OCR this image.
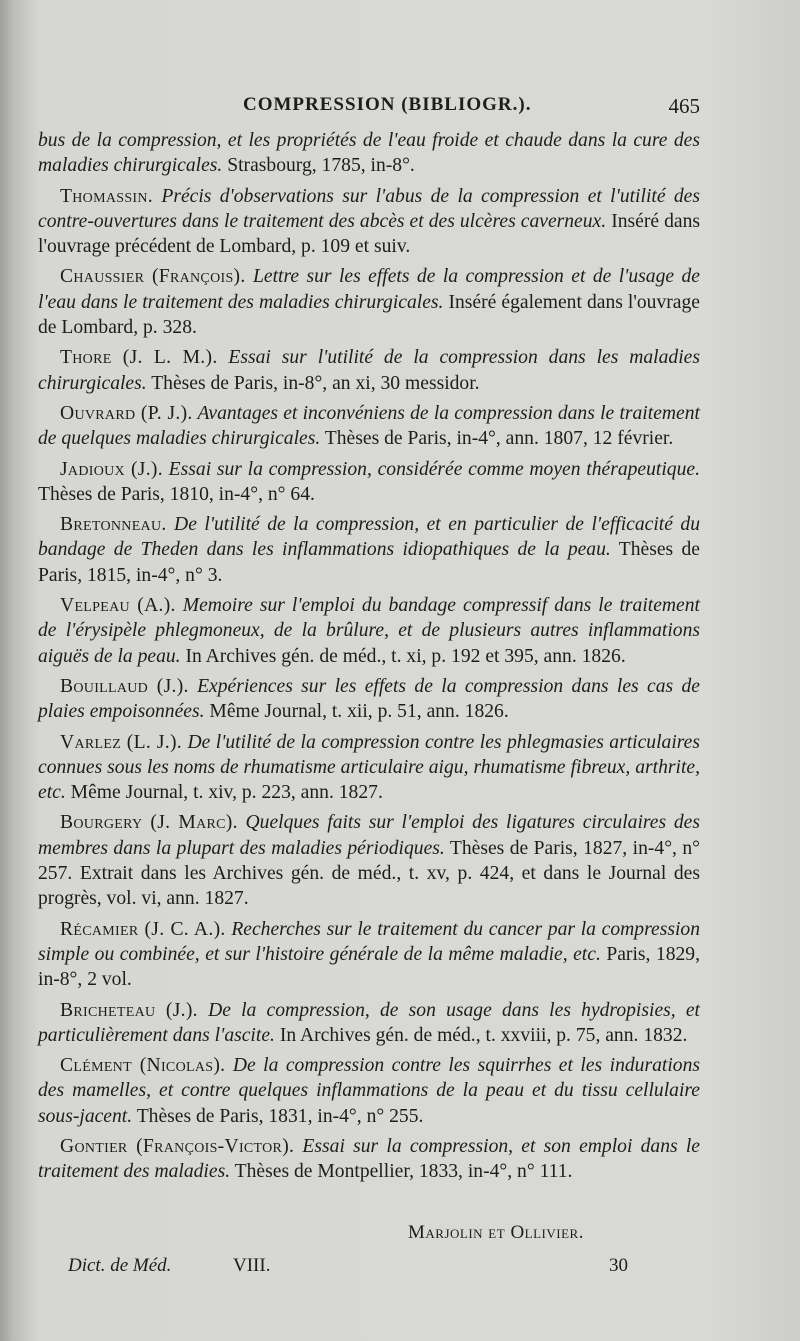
COMPRESSION (BIBLIOGR.).	465

bus de la compression, et les propriétés de l'eau froide et chaude dans la cure des maladies chirurgicales. Strasbourg, 1785, in-8°.

Thomassin. Précis d'observations sur l'abus de la compression et l'utilité des contre-ouvertures dans le traitement des abcès et des ulcères caverneux. Inséré dans l'ouvrage précédent de Lombard, p. 109 et suiv.

Chaussier (François). Lettre sur les effets de la compression et de l'usage de l'eau dans le traitement des maladies chirurgicales. Inséré également dans l'ouvrage de Lombard, p. 328.

Thore (J. L. M.). Essai sur l'utilité de la compression dans les maladies chirurgicales. Thèses de Paris, in-8°, an xi, 30 messidor.

Ouvrard (P. J.). Avantages et inconvéniens de la compression dans le traitement de quelques maladies chirurgicales. Thèses de Paris, in-4°, ann. 1807, 12 février.

Jadioux (J.). Essai sur la compression, considérée comme moyen thérapeutique. Thèses de Paris, 1810, in-4°, n° 64.

Bretonneau. De l'utilité de la compression, et en particulier de l'efficacité du bandage de Theden dans les inflammations idiopathiques de la peau. Thèses de Paris, 1815, in-4°, n° 3.

Velpeau (A.). Memoire sur l'emploi du bandage compressif dans le traitement de l'érysipèle phlegmoneux, de la brûlure, et de plusieurs autres inflammations aiguës de la peau. In Archives gén. de méd., t. xi, p. 192 et 395, ann. 1826.

Bouillaud (J.). Expériences sur les effets de la compression dans les cas de plaies empoisonnées. Même Journal, t. xii, p. 51, ann. 1826.

Varlez (L. J.). De l'utilité de la compression contre les phlegmasies articulaires connues sous les noms de rhumatisme articulaire aigu, rhumatisme fibreux, arthrite, etc. Même Journal, t. xiv, p. 223, ann. 1827.

Bourgery (J. Marc). Quelques faits sur l'emploi des ligatures circulaires des membres dans la plupart des maladies périodiques. Thèses de Paris, 1827, in-4°, n° 257. Extrait dans les Archives gén. de méd., t. xv, p. 424, et dans le Journal des progrès, vol. vi, ann. 1827.

Récamier (J. C. A.). Recherches sur le traitement du cancer par la compression simple ou combinée, et sur l'histoire générale de la même maladie, etc. Paris, 1829, in-8°, 2 vol.

Bricheteau (J.). De la compression, de son usage dans les hydropisies, et particulièrement dans l'ascite. In Archives gén. de méd., t. xxviii, p. 75, ann. 1832.

Clément (Nicolas). De la compression contre les squirrhes et les indurations des mamelles, et contre quelques inflammations de la peau et du tissu cellulaire sous-jacent. Thèses de Paris, 1831, in-4°, n° 255.

Gontier (François-Victor). Essai sur la compression, et son emploi dans le traitement des maladies. Thèses de Montpellier, 1833, in-4°, n° 111.

Marjolin et Ollivier.
Dict. de Méd.	VIII.	30
